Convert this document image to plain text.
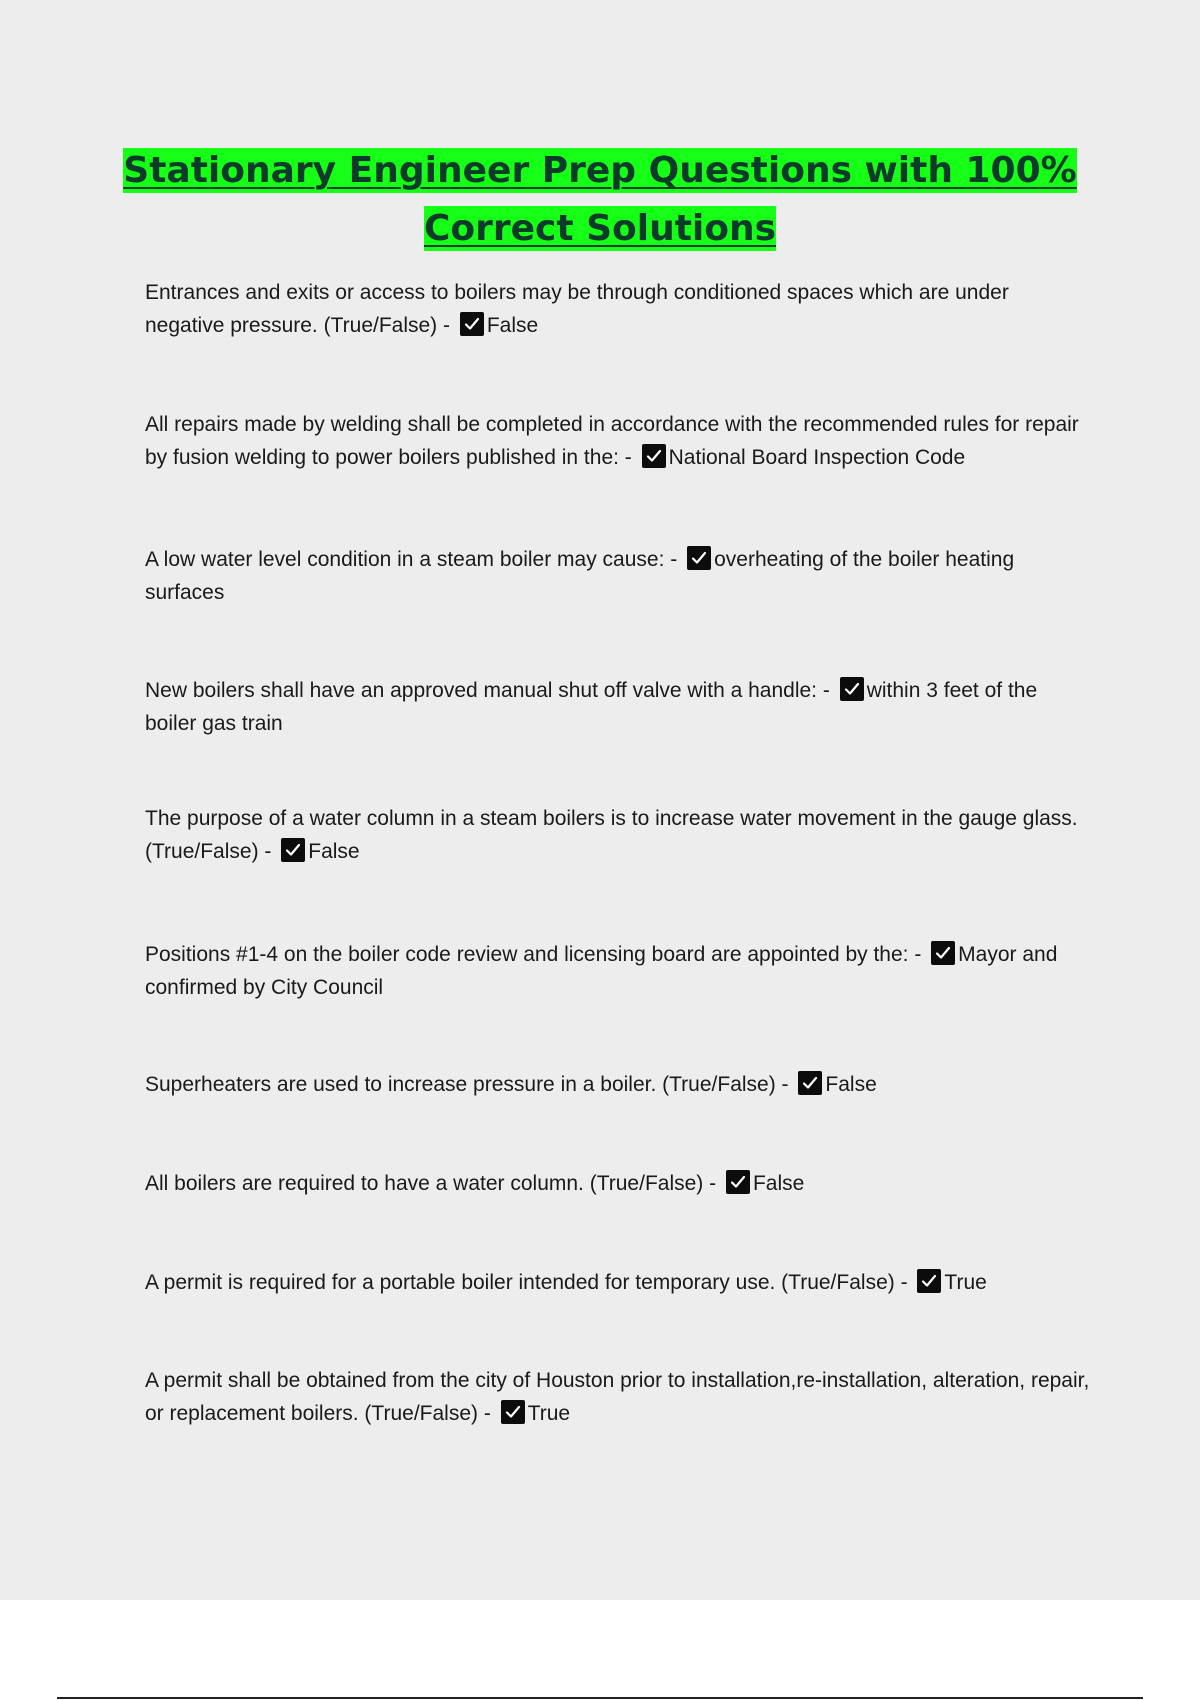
Stationary Engineer Prep Questions with 100% Correct Solutions

Entrances and exits or access to boilers may be through conditioned spaces which are under negative pressure. (True/False) -
False

All repairs made by welding shall be completed in accordance with the recommended rules for repair by fusion welding to power boilers published in the: -
National Board Inspection Code

A low water level condition in a steam boiler may cause: -
overheating of the boiler heating surfaces

New boilers shall have an approved manual shut off valve with a handle: -
within 3 feet of the boiler gas train

The purpose of a water column in a steam boilers is to increase water movement in the gauge glass. (True/False) -
False

Positions #1-4 on the boiler code review and licensing board are appointed by the: -
Mayor and confirmed by City Council

Superheaters are used to increase pressure in a boiler. (True/False) -
False

All boilers are required to have a water column. (True/False) -
False

A permit is required for a portable boiler intended for temporary use. (True/False) -
True

A permit shall be obtained from the city of Houston prior to installation,re-installation, alteration, repair, or replacement boilers. (True/False) -
True
